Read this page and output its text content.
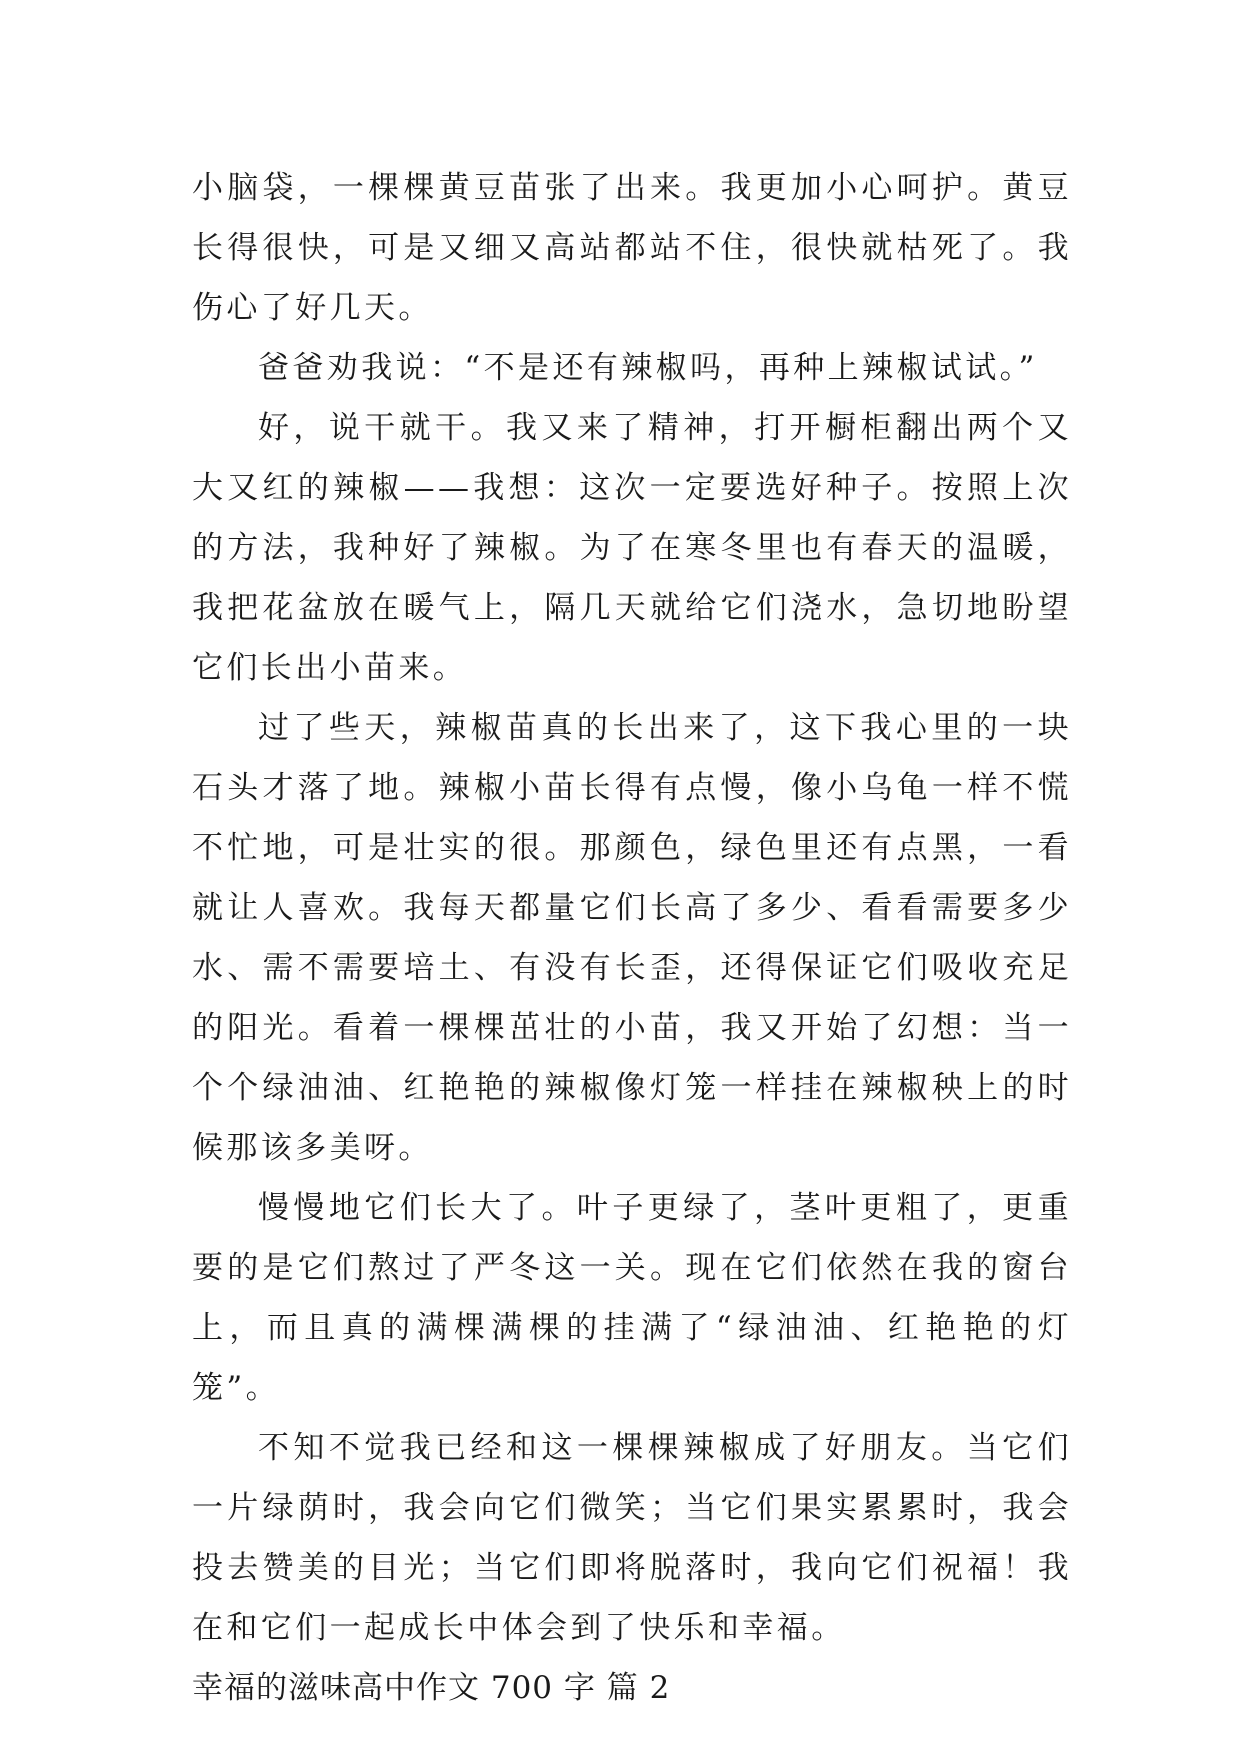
小脑袋，一棵棵黄豆苗张了出来。我更加小心呵护。黄豆长得很快，可是又细又高站都站不住，很快就枯死了。我伤心了好几天。

爸爸劝我说：“不是还有辣椒吗，再种上辣椒试试。”

好，说干就干。我又来了精神，打开橱柜翻出两个又大又红的辣椒——我想：这次一定要选好种子。按照上次的方法，我种好了辣椒。为了在寒冬里也有春天的温暖，我把花盆放在暖气上，隔几天就给它们浇水，急切地盼望它们长出小苗来。

过了些天，辣椒苗真的长出来了，这下我心里的一块石头才落了地。辣椒小苗长得有点慢，像小乌龟一样不慌不忙地，可是壮实的很。那颜色，绿色里还有点黑，一看就让人喜欢。我每天都量它们长高了多少、看看需要多少水、需不需要培土、有没有长歪，还得保证它们吸收充足的阳光。看着一棵棵茁壮的小苗，我又开始了幻想：当一个个绿油油、红艳艳的辣椒像灯笼一样挂在辣椒秧上的时候那该多美呀。

慢慢地它们长大了。叶子更绿了，茎叶更粗了，更重要的是它们熬过了严冬这一关。现在它们依然在我的窗台上，而且真的满棵满棵的挂满了“绿油油、红艳艳的灯笼”。

不知不觉我已经和这一棵棵辣椒成了好朋友。当它们一片绿荫时，我会向它们微笑；当它们果实累累时，我会投去赞美的目光；当它们即将脱落时，我向它们祝福！我在和它们一起成长中体会到了快乐和幸福。

幸福的滋味高中作文 700 字 篇 2
